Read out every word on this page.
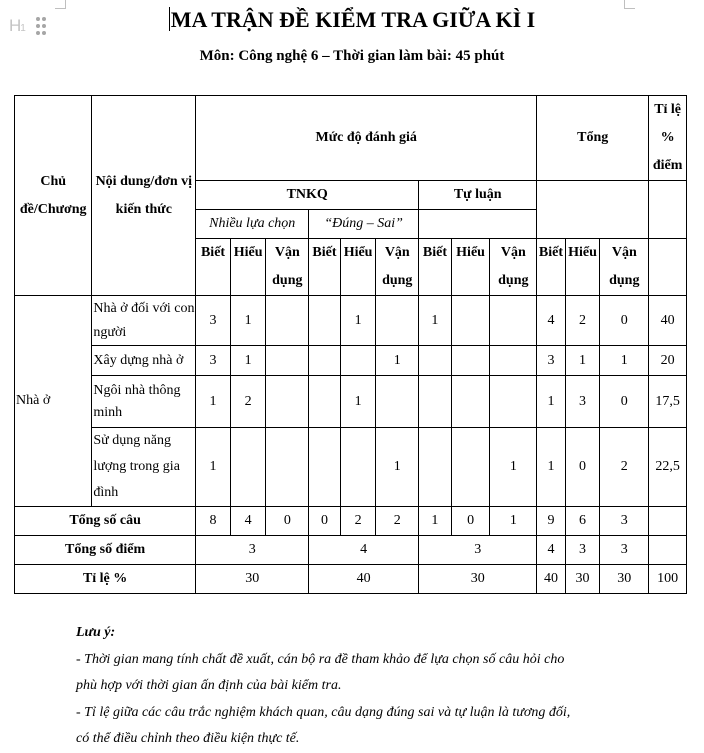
H1	MA TRẬN ĐỀ KIỂM TRA GIỮA KÌ I
Môn: Công nghệ 6 – Thời gian làm bài: 45 phút
Chủ đề/Chương	Nội dung/đơn vị kiến thức	Mức độ đánh giá									Tổng			Tỉ lệ % điểm

		TNKQ						Tự luận						
		Nhiều lựa chọn			“Đúng – Sai”									
		Biết	Hiểu	Vận dụng	Biết	Hiểu	Vận dụng	Biết	Hiểu	Vận dụng	Biết	Hiểu	Vận dụng	

Nhà ở	Nhà ở đối với con người	3	1			1		1			4	2	0	40
	Xây dựng nhà ở	3	1				1				3	1	1	20

	Ngôi nhà thông minh	1	2			1					1	3	0	17,5

	Sử dụng năng lượng trong gia đình	1					1			1	1	0	2	22,5
Tổng số câu		8	4	0	0	2	2	1	0	1	9	6	3	
Tổng số điểm		3			4			3			4	3	3	
Tỉ lệ %		30			40			30			40	30	30	100

Lưu ý:

- Thời gian mang tính chất đề xuất, cán bộ ra đề tham khảo để lựa chọn số câu hỏi cho

phù hợp với thời gian ấn định của bài kiểm tra.

- Tỉ lệ giữa các câu trắc nghiệm khách quan, câu dạng đúng sai và tự luận là tương đối,

có thể điều chỉnh theo điều kiện thực tế.
